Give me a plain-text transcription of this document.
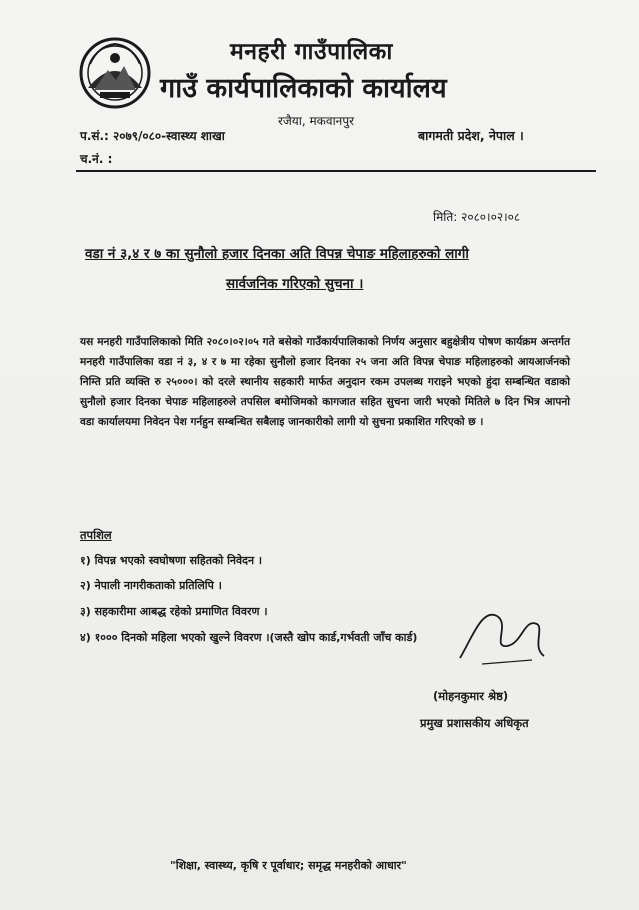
मनहरी गाउँपालिका
गाउँ कार्यपालिकाको कार्यालय
रजैया, मकवानपुर
प.सं.: २०७९/०८०-स्वास्थ्य शाखा	बागमती प्रदेश, नेपाल ।
च.नं. :
मिति: २०८०।०२।०८
वडा नं ३,४ र ७ का सुनौलो हजार दिनका अति विपन्न चेपाङ महिलाहरुको लागी
सार्वजनिक गरिएको सुचना ।
यस मनहरी गाउँपालिकाको मिति २०८०।०२।०५ गते बसेको गाउँकार्यपालिकाको निर्णय अनुसार बहुक्षेत्रीय पोषण कार्यक्रम अन्तर्गत मनहरी गाउँपालिका वडा नं ३, ४ र ७ मा रहेका सुनौलो हजार दिनका २५ जना अति विपन्न चेपाङ महिलाहरुको आयआर्जनको निम्ति प्रति व्यक्ति रु २५०००। को दरले स्थानीय सहकारी मार्फत अनुदान रकम उपलब्ध गराइने भएको हुंदा सम्बन्धित वडाको सुनौलो हजार दिनका चेपाङ महिलाहरुले तपसिल बमोजिमको कागजात सहित सुचना जारी भएको मितिले ७ दिन भित्र आपनो वडा कार्यालयमा निवेदन पेश गर्नहुन सम्बन्धित सबैलाइ जानकारीको लागी यो सुचना प्रकाशित गरिएको छ ।
तपशिल
१) विपन्न भएको स्वघोषणा सहितको निवेदन ।
२) नेपाली नागरीकताको प्रतिलिपि ।
३) सहकारीमा आबद्ध रहेको प्रमाणित विवरण ।
४) १००० दिनको महिला भएको खुल्ने विवरण ।(जस्तै खोप कार्ड,गर्भवती जाँच कार्ड)
(मोहनकुमार श्रेष्ठ)
प्रमुख प्रशासकीय अधिकृत
"शिक्षा, स्वास्थ्य, कृषि र पूर्वाधार; समृद्ध मनहरीको आधार"
